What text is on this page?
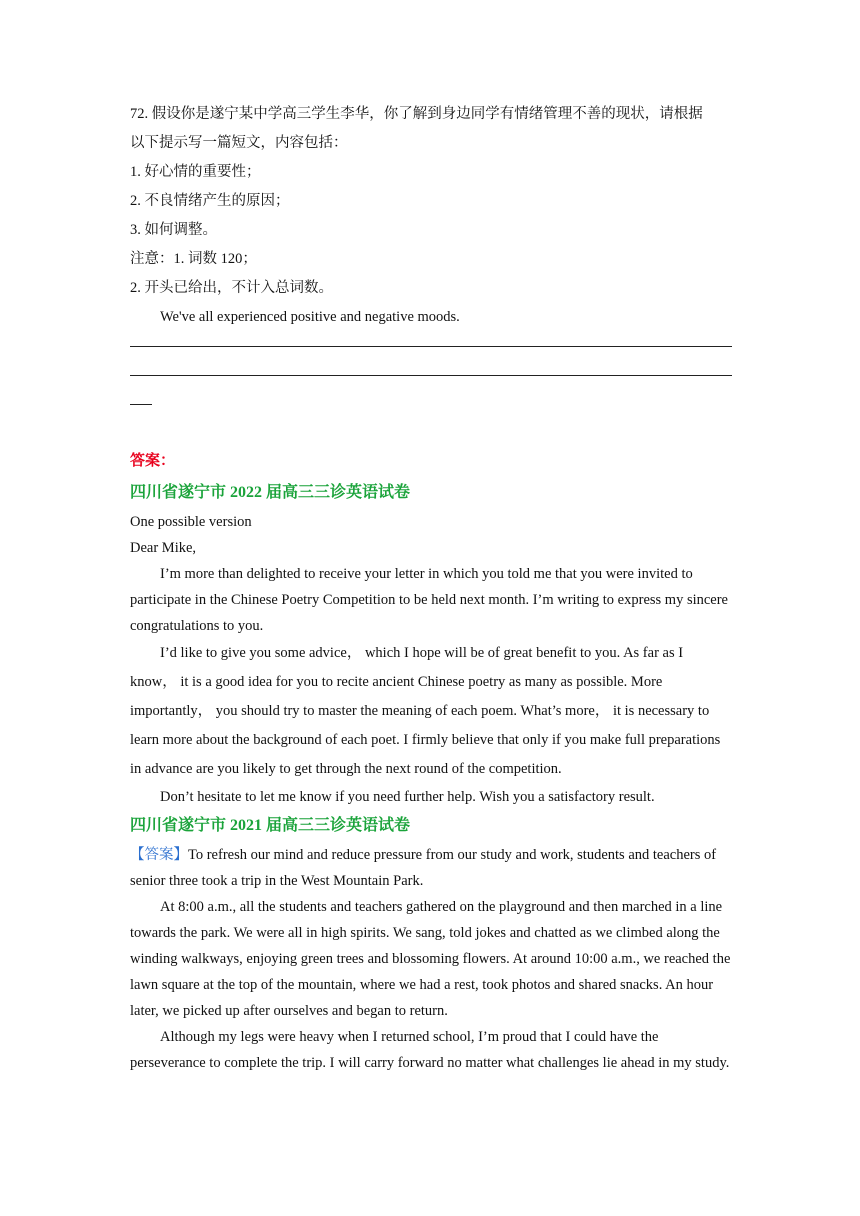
72. 假设你是遂宁某中学高三学生李华，你了解到身边同学有情绪管理不善的现状，请根据
以下提示写一篇短文，内容包括：
1. 好心情的重要性；
2. 不良情绪产生的原因；
3. 如何调整。
注意：1. 词数 120；
2. 开头已给出，不计入总词数。
We've all experienced positive and negative moods.
答案：
四川省遂宁市 2022 届高三三诊英语试卷

One possible version

Dear Mike,

I’m more than delighted to receive your letter in which you told me that you were invited to participate in the Chinese Poetry Competition to be held next month. I’m writing to express my sincere congratulations to you.

I’d like to give you some advice， which I hope will be of great benefit to you. As far as I know， it is a good idea for you to recite ancient Chinese poetry as many as possible. More importantly， you should try to master the meaning of each poem. What’s more， it is necessary to learn more about the background of each poet. I firmly believe that only if you make full preparations in advance are you likely to get through the next round of the competition.

Don’t hesitate to let me know if you need further help. Wish you a satisfactory result.

四川省遂宁市 2021 届高三三诊英语试卷

【答案】To refresh our mind and reduce pressure from our study and work, students and teachers of senior three took a trip in the West Mountain Park.

At 8:00 a.m., all the students and teachers gathered on the playground and then marched in a line towards the park. We were all in high spirits. We sang, told jokes and chatted as we climbed along the winding walkways, enjoying green trees and blossoming flowers. At around 10:00 a.m., we reached the lawn square at the top of the mountain, where we had a rest, took photos and shared snacks. An hour later, we picked up after ourselves and began to return.

Although my legs were heavy when I returned school, I’m proud that I could have the perseverance to complete the trip. I will carry forward no matter what challenges lie ahead in my study.
